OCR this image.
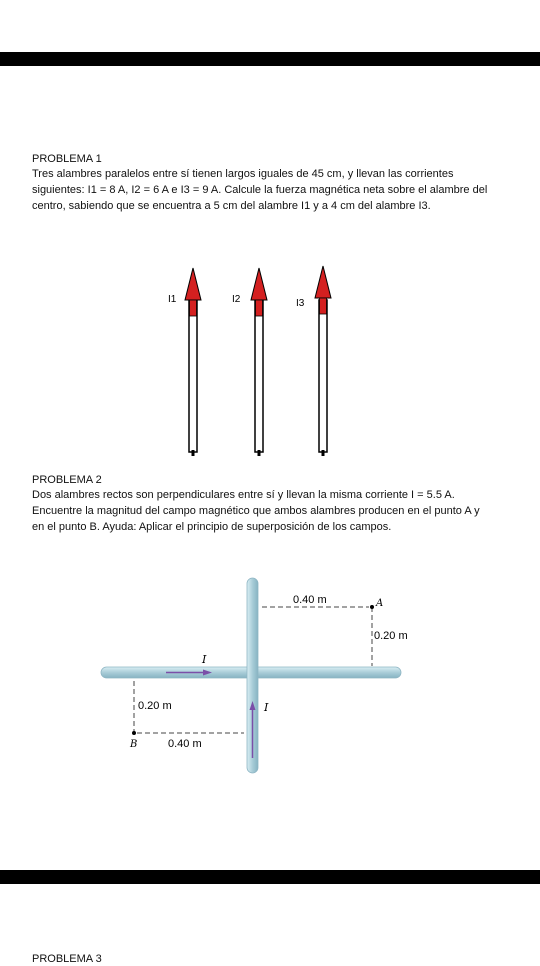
PROBLEMA 1

Tres alambres paralelos entre sí tienen largos iguales de 45 cm, y llevan las corrientes siguientes: I1 = 8 A, I2 = 6 A e I3 = 9 A. Calcule la fuerza magnética neta sobre el alambre del centro, sabiendo que se encuentra a 5 cm del alambre I1 y a 4 cm del alambre I3.

I1	I2	I3

PROBLEMA 2

Dos alambres rectos son perpendiculares entre sí y llevan la misma corriente I = 5.5 A. Encuentre la magnitud del campo magnético que ambos alambres producen en el punto A y en el punto B. Ayuda: Aplicar el principio de superposición de los campos.

I
I
0.40 m	A
0.20 m
0.20 m
B	0.40 m

PROBLEMA 3
